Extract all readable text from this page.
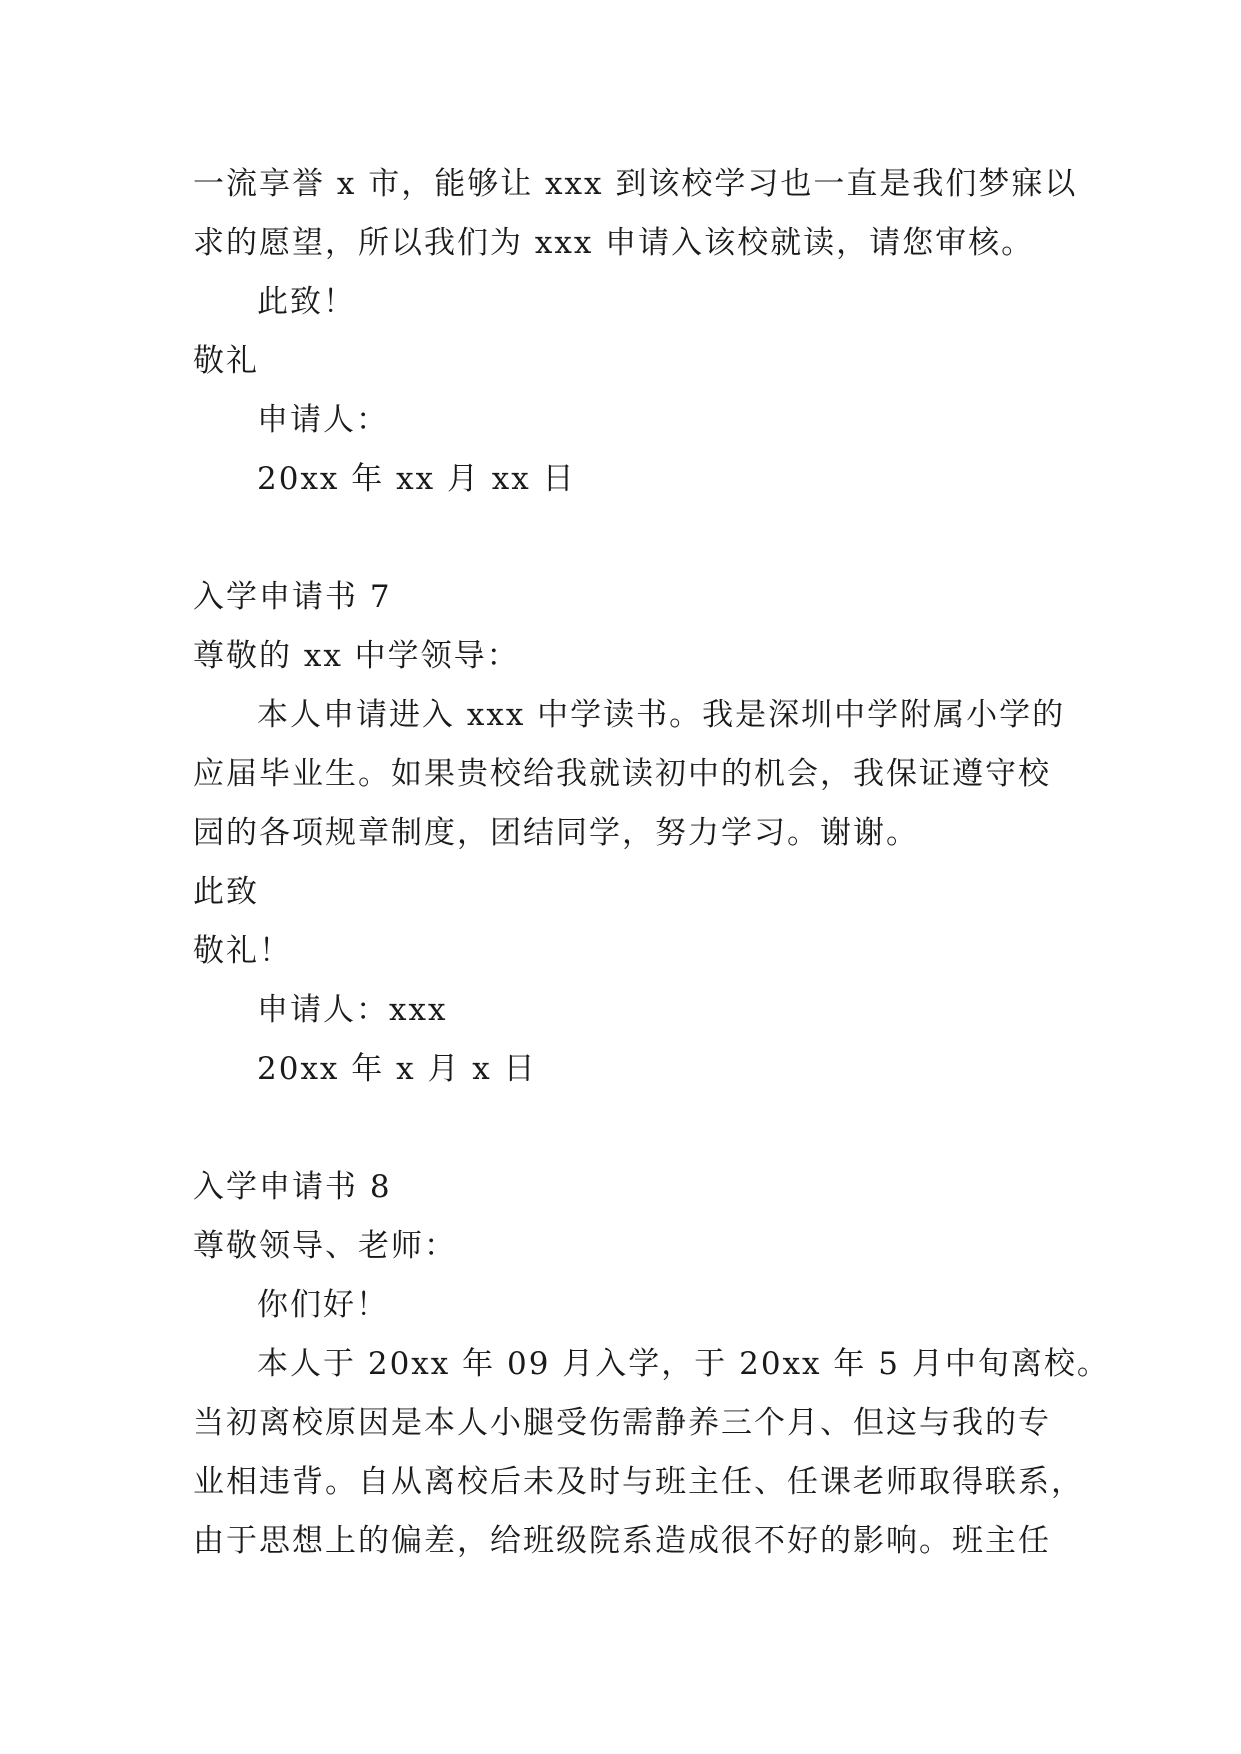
一流享誉 x 市，能够让 xxx 到该校学习也一直是我们梦寐以
求的愿望，所以我们为 xxx 申请入该校就读，请您审核。
此致！
敬礼
申请人：
20xx 年 xx 月 xx 日
入学申请书 7
尊敬的 xx 中学领导：
本人申请进入 xxx 中学读书。我是深圳中学附属小学的
应届毕业生。如果贵校给我就读初中的机会，我保证遵守校
园的各项规章制度，团结同学，努力学习。谢谢。
此致
敬礼！
申请人：xxx
20xx 年 x 月 x 日
入学申请书 8
尊敬领导、老师：
你们好！
本人于 20xx 年 09 月入学，于 20xx 年 5 月中旬离校。
当初离校原因是本人小腿受伤需静养三个月、但这与我的专
业相违背。自从离校后未及时与班主任、任课老师取得联系，
由于思想上的偏差，给班级院系造成很不好的影响。班主任
